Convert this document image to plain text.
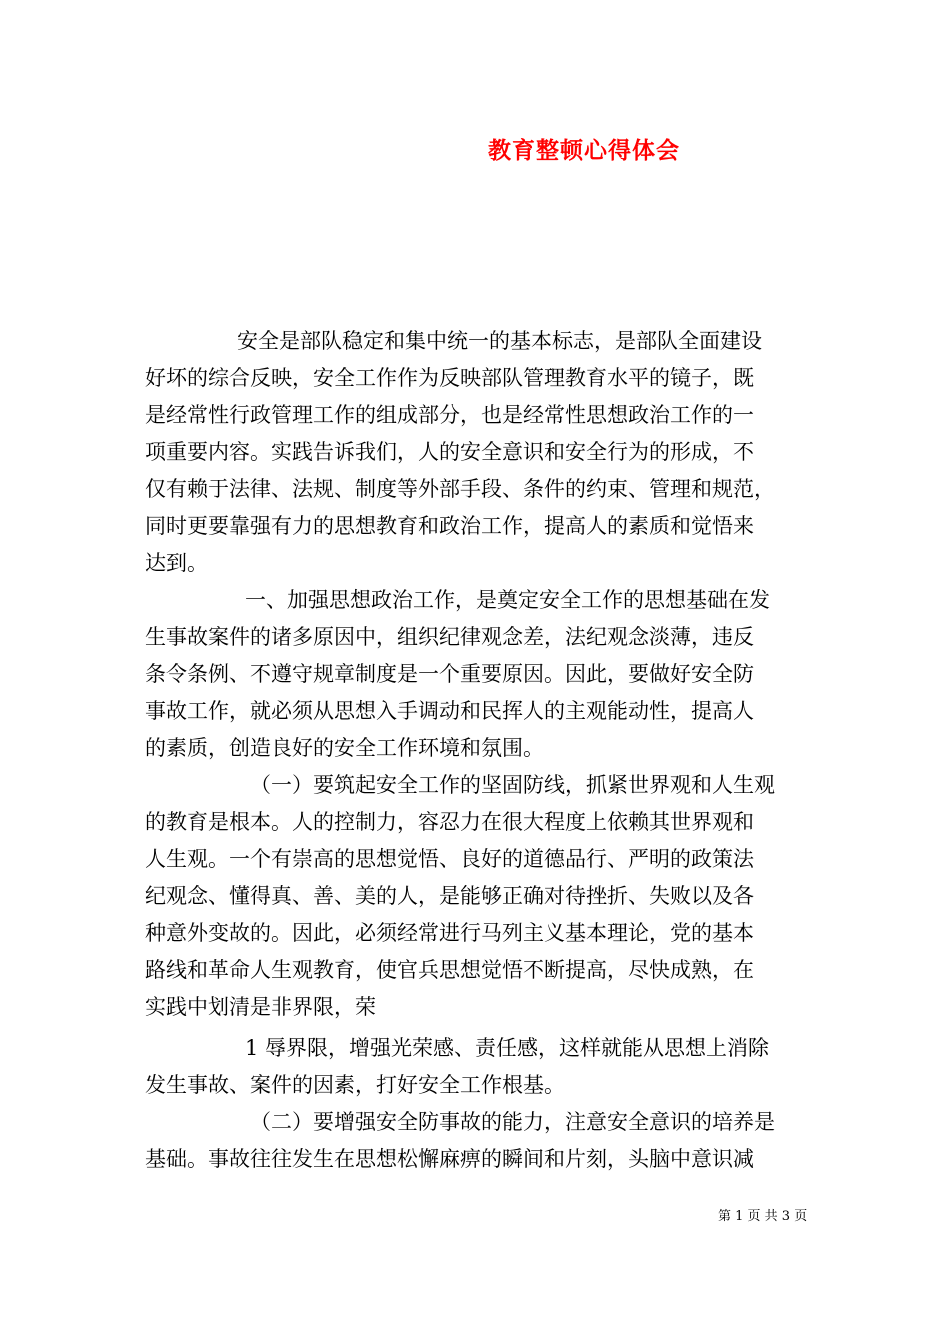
教育整顿心得体会
安全是部队稳定和集中统一的基本标志，是部队全面建设
好坏的综合反映，安全工作作为反映部队管理教育水平的镜子，既
是经常性行政管理工作的组成部分，也是经常性思想政治工作的一
项重要内容。实践告诉我们，人的安全意识和安全行为的形成，不
仅有赖于法律、法规、制度等外部手段、条件的约束、管理和规范，
同时更要靠强有力的思想教育和政治工作，提高人的素质和觉悟来
达到。
一、加强思想政治工作，是奠定安全工作的思想基础在发
生事故案件的诸多原因中，组织纪律观念差，法纪观念淡薄，违反
条令条例、不遵守规章制度是一个重要原因。因此，要做好安全防
事故工作，就必须从思想入手调动和民挥人的主观能动性，提高人
的素质，创造良好的安全工作环境和氛围。
（一）要筑起安全工作的坚固防线，抓紧世界观和人生观
的教育是根本。人的控制力，容忍力在很大程度上依赖其世界观和
人生观。一个有崇高的思想觉悟、良好的道德品行、严明的政策法
纪观念、懂得真、善、美的人，是能够正确对待挫折、失败以及各
种意外变故的。因此，必须经常进行马列主义基本理论，党的基本
路线和革命人生观教育，使官兵思想觉悟不断提高，尽快成熟，在
实践中划清是非界限，荣
1 辱界限，增强光荣感、责任感，这样就能从思想上消除
发生事故、案件的因素，打好安全工作根基。
（二）要增强安全防事故的能力，注意安全意识的培养是
基础。事故往往发生在思想松懈麻痹的瞬间和片刻，头脑中意识减
第 1 页 共 3 页
